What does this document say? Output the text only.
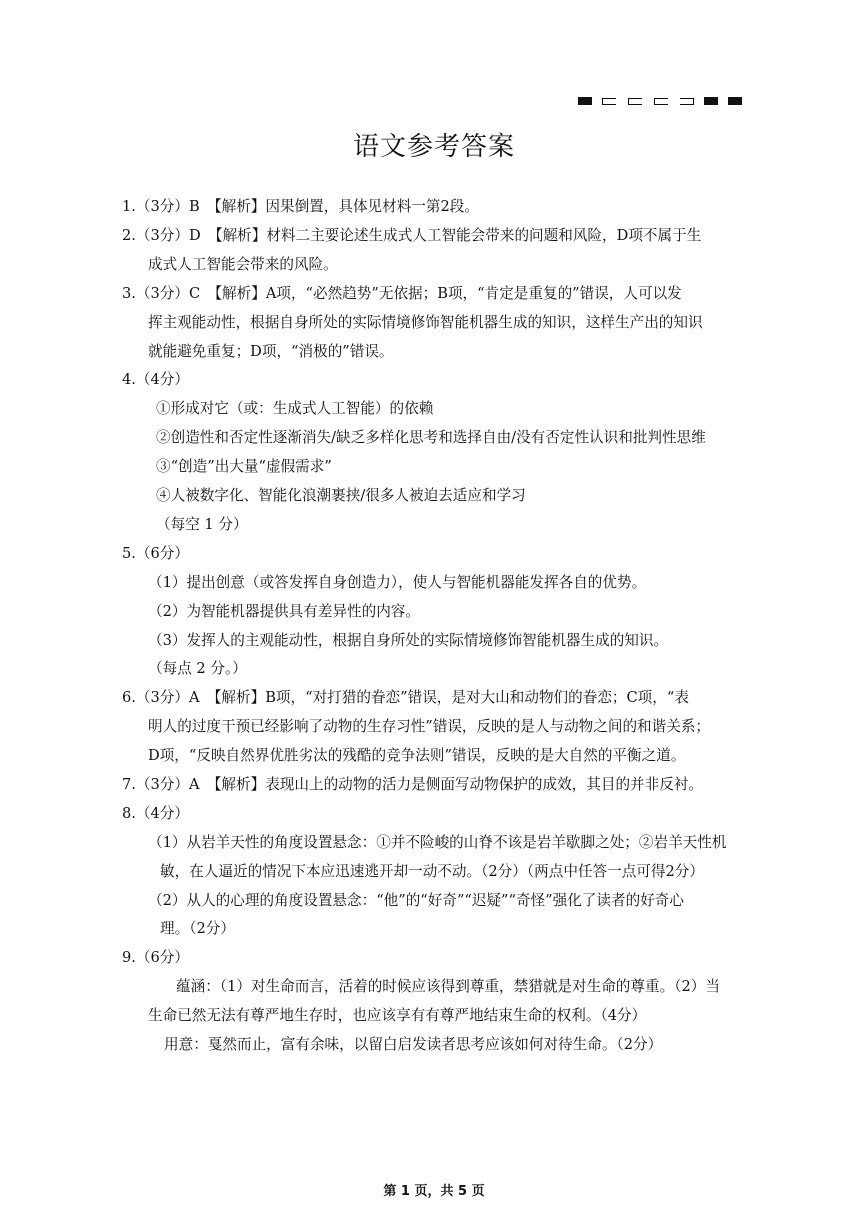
语文参考答案
1.（3分）B　【解析】因果倒置，具体见材料一第2段。
2.（3分）D　【解析】材料二主要论述生成式人工智能会带来的问题和风险，D项不属于生
成式人工智能会带来的风险。
3.（3分）C　【解析】A项，“必然趋势”无依据；B项，“肯定是重复的”错误，人可以发
挥主观能动性，根据自身所处的实际情境修饰智能机器生成的知识，这样生产出的知识
就能避免重复；D项，“消极的”错误。
4.（4分）
①形成对它（或：生成式人工智能）的依赖
②创造性和否定性逐渐消失/缺乏多样化思考和选择自由/没有否定性认识和批判性思维
③“创造”出大量“虚假需求”
④人被数字化、智能化浪潮裹挟/很多人被迫去适应和学习
（每空 1 分）
5.（6分）
（1）提出创意（或答发挥自身创造力），使人与智能机器能发挥各自的优势。
（2）为智能机器提供具有差异性的内容。
（3）发挥人的主观能动性，根据自身所处的实际情境修饰智能机器生成的知识。
（每点 2 分。）
6.（3分）A　【解析】B项，“对打猎的眷恋”错误，是对大山和动物们的眷恋；C项，“表
明人的过度干预已经影响了动物的生存习性”错误，反映的是人与动物之间的和谐关系；
D项，“反映自然界优胜劣汰的残酷的竞争法则”错误，反映的是大自然的平衡之道。
7.（3分）A　【解析】表现山上的动物的活力是侧面写动物保护的成效，其目的并非反衬。
8.（4分）
（1）从岩羊天性的角度设置悬念：①并不险峻的山脊不该是岩羊歇脚之处；②岩羊天性机
敏，在人逼近的情况下本应迅速逃开却一动不动。（2分）（两点中任答一点可得2分）
（2）从人的心理的角度设置悬念：“他”的“好奇”“迟疑”“奇怪”强化了读者的好奇心
理。（2分）
9.（6分）
蕴涵：（1）对生命而言，活着的时候应该得到尊重，禁猎就是对生命的尊重。（2）当
生命已然无法有尊严地生存时，也应该享有有尊严地结束生命的权利。（4分）
用意：戛然而止，富有余味，以留白启发读者思考应该如何对待生命。（2分）
第 1 页，共 5 页
